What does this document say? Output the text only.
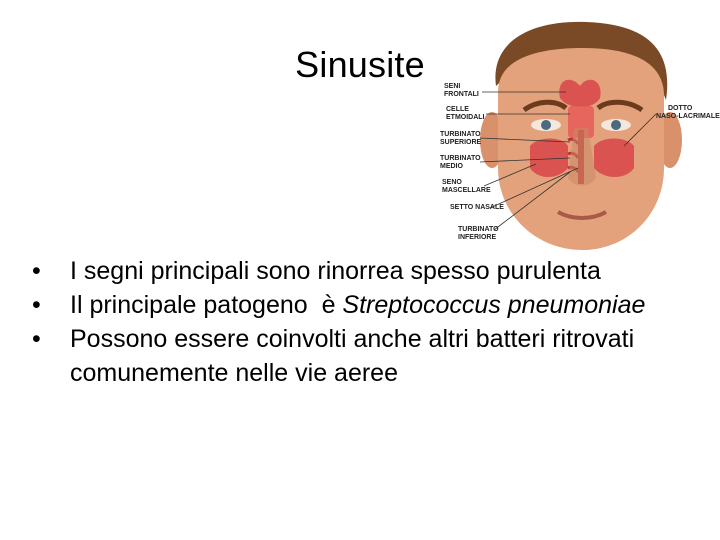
Sinusite
SENI FRONTALI
CELLE ETMOIDALI
TURBINATO SUPERIORE
TURBINATO MEDIO
SENO MASCELLARE
SETTO NASALE
TURBINATO INFERIORE
DOTTO NASO-LACRIMALE
• I segni principali sono rinorrea spesso purulenta
• Il principale patogeno  è Streptococcus pneumoniae
• Possono essere coinvolti anche altri batteri ritrovati comunemente nelle vie aeree
